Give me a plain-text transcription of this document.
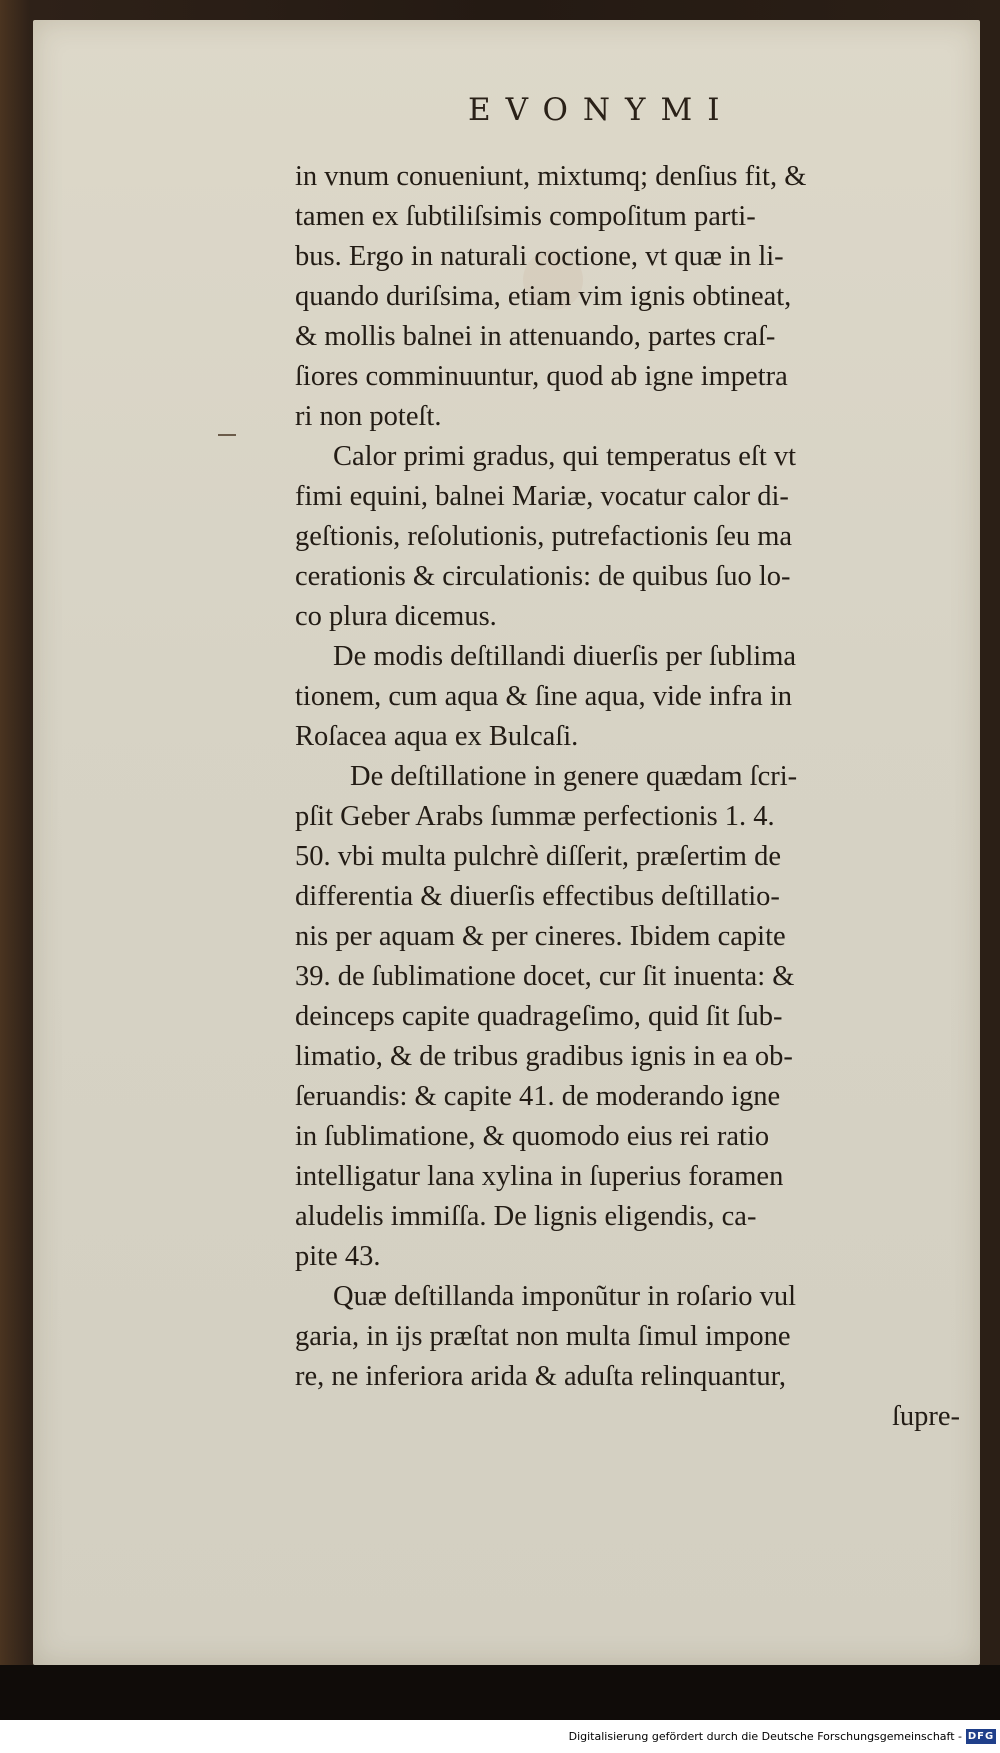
EVONYMI
in vnum conueniunt, mixtumq; denſius fit, &
tamen ex ſubtiliſsimis compoſitum parti-
bus. Ergo in naturali coctione, vt quæ in li-
quando duriſsima, etiam vim ignis obtineat,
& mollis balnei in attenuando, partes craſ-
ſiores comminuuntur, quod ab igne impetra
ri non poteſt.
Calor primi gradus, qui temperatus eſt vt
fimi equini, balnei Mariæ, vocatur calor di-
geſtionis, reſolutionis, putrefactionis ſeu ma
cerationis & circulationis: de quibus ſuo lo-
co plura dicemus.
De modis deſtillandi diuerſis per ſublima
tionem, cum aqua & ſine aqua, vide infra in
Roſacea aqua ex Bulcaſi.
De deſtillatione in genere quædam ſcri-
pſit Geber Arabs ſummæ perfectionis 1. 4.
50. vbi multa pulchrè diſſerit, præſertim de
differentia & diuerſis effectibus deſtillatio-
nis per aquam & per cineres. Ibidem capite
39. de ſublimatione docet, cur ſit inuenta: &
deinceps capite quadrageſimo, quid ſit ſub-
limatio, & de tribus gradibus ignis in ea ob-
ſeruandis: & capite 41. de moderando igne
in ſublimatione, & quomodo eius rei ratio
intelligatur lana xylina in ſuperius foramen
aludelis immiſſa. De lignis eligendis, ca-
pite 43.
Quæ deſtillanda imponũtur in roſario vul
garia, in ijs præſtat non multa ſimul impone
re, ne inferiora arida & aduſta relinquantur,
ſupre-
Digitalisierung gefördert durch die Deutsche Forschungsgemeinschaft - DFG
